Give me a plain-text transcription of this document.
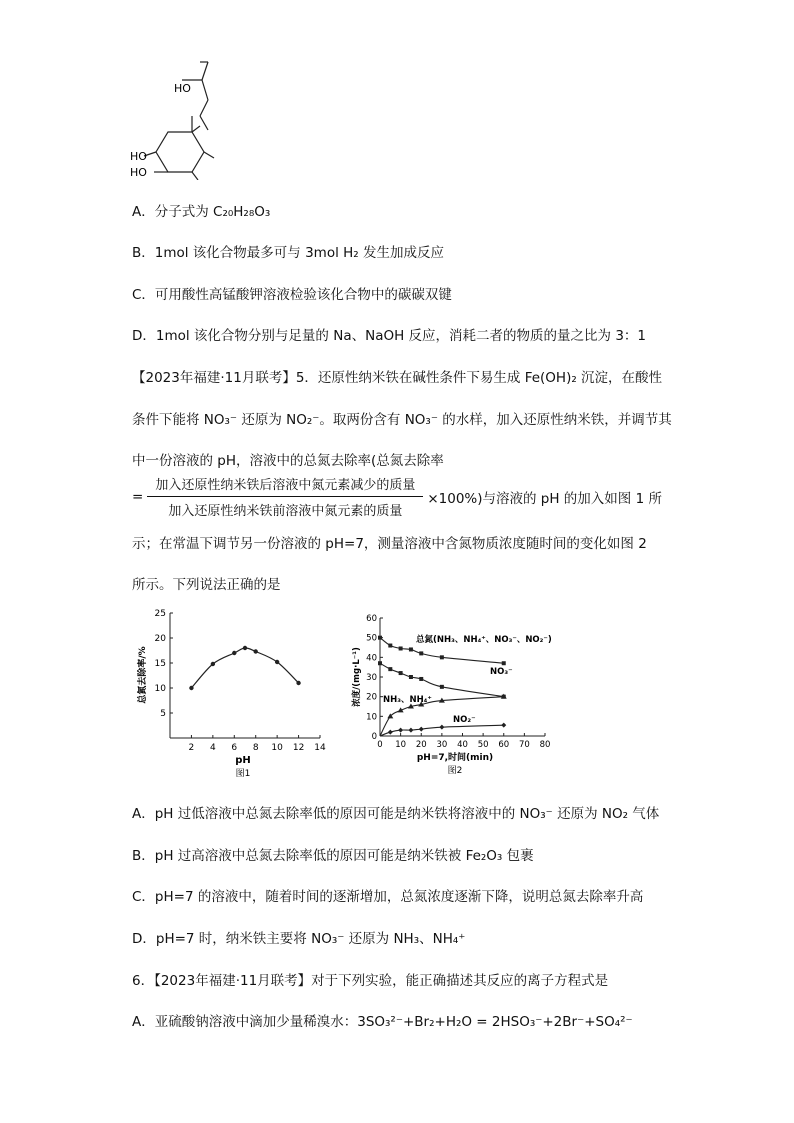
HO
HO
HO
A．分子式为 C₂₀H₂₈O₃
B．1mol 该化合物最多可与 3mol H₂ 发生加成反应
C．可用酸性高锰酸钾溶液检验该化合物中的碳碳双键
D．1mol 该化合物分别与足量的 Na、NaOH 反应，消耗二者的物质的量之比为 3：1
【2023年福建·11月联考】5．还原性纳米铁在碱性条件下易生成 Fe(OH)₂ 沉淀，在酸性
条件下能将 NO₃⁻ 还原为 NO₂⁻。取两份含有 NO₃⁻ 的水样，加入还原性纳米铁，并调节其
中一份溶液的 pH，溶液中的总氮去除率(总氮去除率
= $\frac{\text{加入还原性纳米铁后溶液中氮元素减少的质量}}{\text{加入还原性纳米铁前溶液中氮元素的质量}} \times 100\%$)与溶液的 pH 的加入如图 1 所
示；在常温下调节另一份溶液的 pH=7，测量溶液中含氮物质浓度随时间的变化如图 2
所示。下列说法正确的是
2 4 6 8 10 12 14
5
10
15
20
25
pH
图1
总氮去除率/%
0 10 20 30 40 50 60 70 80
0
10
20
30
40
50
60
总氮(NH₃、NH₄⁺、NO₃⁻、NO₂⁻)
NO₃⁻
NH₃、NH₄⁺
NO₂⁻
pH=7,时间(min)
图2
浓度/(mg·L⁻¹)
A．pH 过低溶液中总氮去除率低的原因可能是纳米铁将溶液中的 NO₃⁻ 还原为 NO₂ 气体
B．pH 过高溶液中总氮去除率低的原因可能是纳米铁被 Fe₂O₃ 包裹
C．pH=7 的溶液中，随着时间的逐渐增加，总氮浓度逐渐下降，说明总氮去除率升高
D．pH=7 时，纳米铁主要将 NO₃⁻ 还原为 NH₃、NH₄⁺
6．【2023年福建·11月联考】对于下列实验，能正确描述其反应的离子方程式是
A．亚硫酸钠溶液中滴加少量稀溴水：3SO₃²⁻+Br₂+H₂O = 2HSO₃⁻+2Br⁻+SO₄²⁻
